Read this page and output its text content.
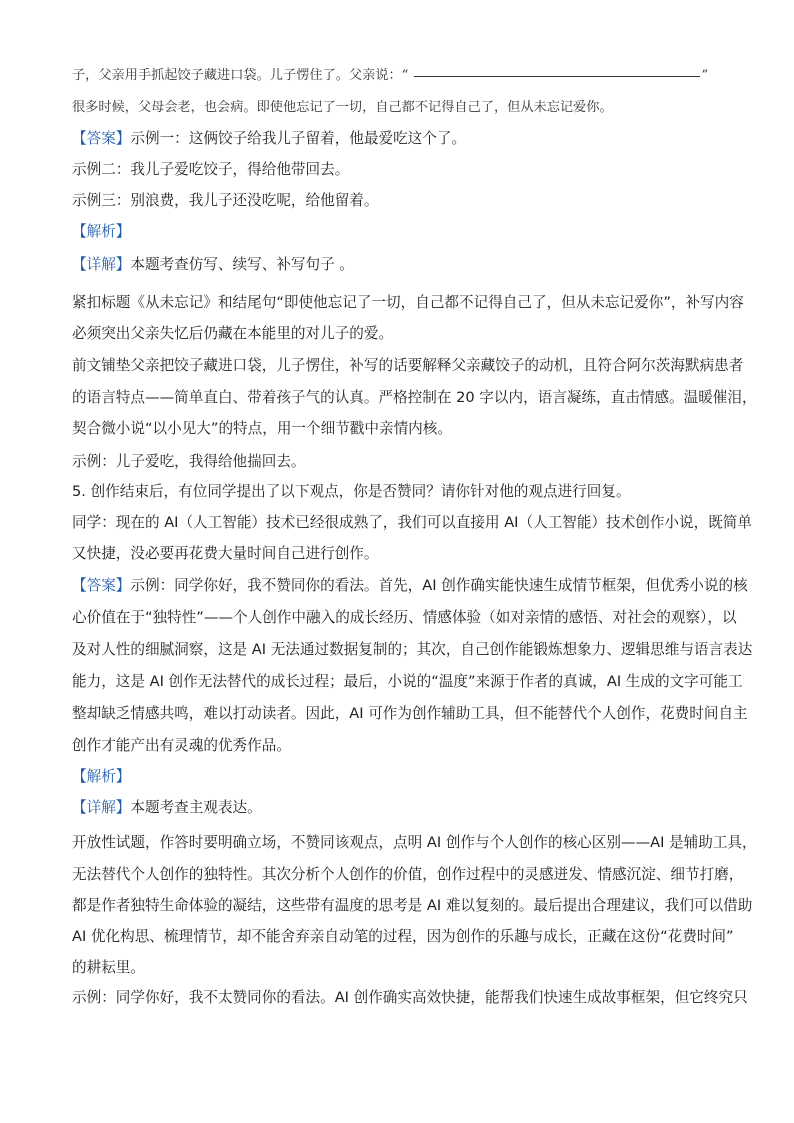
子，父亲用手抓起饺子藏进口袋。儿子愣住了。父亲说：“	”
很多时候，父母会老，也会病。即使他忘记了一切，自己都不记得自己了，但从未忘记爱你。
【答案】示例一：这俩饺子给我儿子留着，他最爱吃这个了。
示例二：我儿子爱吃饺子，得给他带回去。
示例三：别浪费，我儿子还没吃呢，给他留着。
【解析】
【详解】本题考查仿写、续写、补写句子 。
紧扣标题《从未忘记》和结尾句“即使他忘记了一切，自己都不记得自己了，但从未忘记爱你”，补写内容
必须突出父亲失忆后仍藏在本能里的对儿子的爱。
前文铺垫父亲把饺子藏进口袋，儿子愣住，补写的话要解释父亲藏饺子的动机，且符合阿尔茨海默病患者
的语言特点——简单直白、带着孩子气的认真。严格控制在 20 字以内，语言凝练，直击情感。温暖催泪，
契合微小说“以小见大”的特点，用一个细节戳中亲情内核。
示例：儿子爱吃，我得给他揣回去。
5. 创作结束后，有位同学提出了以下观点，你是否赞同？请你针对他的观点进行回复。
同学：现在的 AI（人工智能）技术已经很成熟了，我们可以直接用 AI（人工智能）技术创作小说，既简单
又快捷，没必要再花费大量时间自己进行创作。
【答案】示例：同学你好，我不赞同你的看法。首先，AI 创作确实能快速生成情节框架，但优秀小说的核
心价值在于“独特性”——个人创作中融入的成长经历、情感体验（如对亲情的感悟、对社会的观察），以
及对人性的细腻洞察，这是 AI 无法通过数据复制的；其次，自己创作能锻炼想象力、逻辑思维与语言表达
能力，这是 AI 创作无法替代的成长过程；最后，小说的“温度”来源于作者的真诚，AI 生成的文字可能工
整却缺乏情感共鸣，难以打动读者。因此，AI 可作为创作辅助工具，但不能替代个人创作，花费时间自主
创作才能产出有灵魂的优秀作品。
【解析】
【详解】本题考查主观表达。
开放性试题，作答时要明确立场，不赞同该观点，点明 AI 创作与个人创作的核心区别——AI 是辅助工具，
无法替代个人创作的独特性。其次分析个人创作的价值，创作过程中的灵感迸发、情感沉淀、细节打磨，
都是作者独特生命体验的凝结，这些带有温度的思考是 AI 难以复刻的。最后提出合理建议，我们可以借助
AI 优化构思、梳理情节，却不能舍弃亲自动笔的过程，因为创作的乐趣与成长，正藏在这份“花费时间”
的耕耘里。
示例：同学你好，我不太赞同你的看法。AI 创作确实高效快捷，能帮我们快速生成故事框架，但它终究只
